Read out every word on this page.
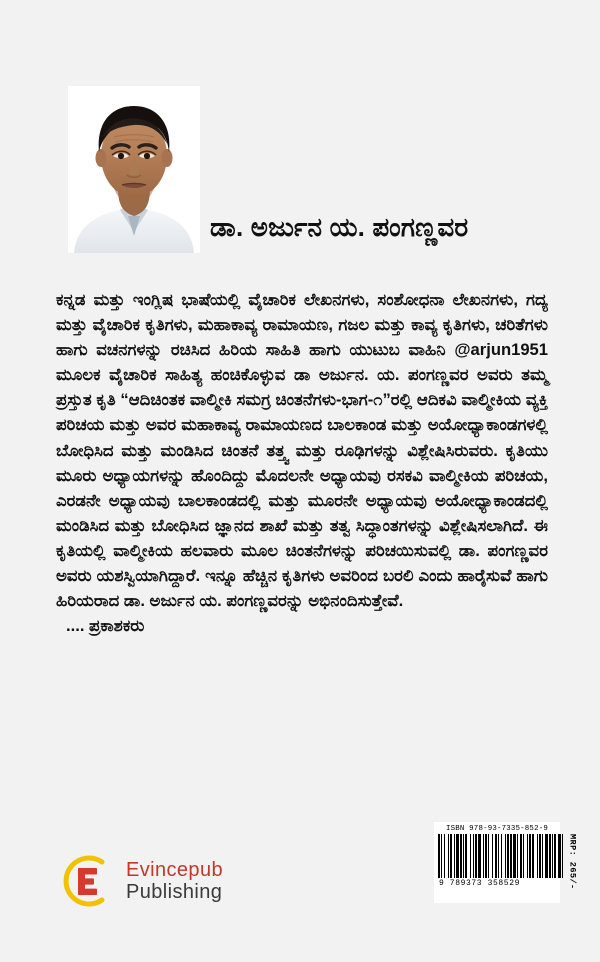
ಡಾ. ಅರ್ಜುನ ಯ. ಪಂಗಣ್ಣವರ

ಕನ್ನಡ ಮತ್ತು ಇಂಗ್ಲಿಷ ಭಾಷೆಯಲ್ಲಿ ವೈಚಾರಿಕ ಲೇಖನಗಳು, ಸಂಶೋಧನಾ ಲೇಖನಗಳು, ಗದ್ಯ ಮತ್ತು ವೈಚಾರಿಕ ಕೃತಿಗಳು, ಮಹಾಕಾವ್ಯ ರಾಮಾಯಣ, ಗಜಲ ಮತ್ತು ಕಾವ್ಯ ಕೃತಿಗಳು, ಚರಿತೆಗಳು ಹಾಗು ವಚನಗಳನ್ನು ರಚಿಸಿದ ಹಿರಿಯ ಸಾಹಿತಿ ಹಾಗು ಯುಟುಬ ವಾಹಿನಿ @arjun1951 ಮೂಲಕ ವೈಚಾರಿಕ ಸಾಹಿತ್ಯ ಹಂಚಿಕೊಳ್ಳುವ ಡಾ ಅರ್ಜುನ. ಯ. ಪಂಗಣ್ಣವರ ಅವರು ತಮ್ಮ ಪ್ರಸ್ತುತ ಕೃತಿ “ಆದಿಚಿಂತಕ ವಾಲ್ಮೀಕಿ ಸಮಗ್ರ ಚಿಂತನೆಗಳು-ಭಾಗ-೧”ರಲ್ಲಿ ಆದಿಕವಿ ವಾಲ್ಮೀಕಿಯ ವ್ಯಕ್ತಿ ಪರಿಚಯ ಮತ್ತು ಅವರ ಮಹಾಕಾವ್ಯ ರಾಮಾಯಣದ ಬಾಲಕಾಂಡ ಮತ್ತು ಅಯೋಧ್ಯಾಕಾಂಡಗಳಲ್ಲಿ ಬೋಧಿಸಿದ ಮತ್ತು ಮಂಡಿಸಿದ ಚಿಂತನೆ ತತ್ತ್ವ ಮತ್ತು ರೂಢಿಗಳನ್ನು ವಿಶ್ಲೇಷಿಸಿರುವರು. ಕೃತಿಯು ಮೂರು ಅಧ್ಯಾಯಗಳನ್ನು ಹೊಂದಿದ್ದು ಮೊದಲನೇ ಅಧ್ಯಾಯವು ರಸಕವಿ ವಾಲ್ಮೀಕಿಯ ಪರಿಚಯ, ಎರಡನೇ ಅಧ್ಯಾಯವು ಬಾಲಕಾಂಡದಲ್ಲಿ ಮತ್ತು ಮೂರನೇ ಅಧ್ಯಾಯವು ಅಯೋಧ್ಯಾಕಾಂಡದಲ್ಲಿ ಮಂಡಿಸಿದ ಮತ್ತು ಬೋಧಿಸಿದ ಜ್ಞಾನದ ಶಾಖೆ ಮತ್ತು ತತ್ವ ಸಿದ್ಧಾಂತಗಳನ್ನು ವಿಶ್ಲೇಷಿಸಲಾಗಿದೆ. ಈ ಕೃತಿಯಲ್ಲಿ ವಾಲ್ಮೀಕಿಯ ಹಲವಾರು ಮೂಲ ಚಿಂತನೆಗಳನ್ನು ಪರಿಚಯಿಸುವಲ್ಲಿ ಡಾ. ಪಂಗಣ್ಣವರ ಅವರು ಯಶಸ್ವಿಯಾಗಿದ್ದಾರೆ. ಇನ್ನೂ ಹೆಚ್ಚಿನ ಕೃತಿಗಳು ಅವರಿಂದ ಬರಲಿ ಎಂದು ಹಾರೈಸುವೆ ಹಾಗು ಹಿರಿಯರಾದ ಡಾ. ಅರ್ಜುನ ಯ. ಪಂಗಣ್ಣವರನ್ನು ಅಭಿನಂದಿಸುತ್ತೇವೆ.

.... ಪ್ರಕಾಶಕರು

Evincepub
Publishing
ISBN 978-93-7335-852-9
MRP: 265/-
9 789373 358529
